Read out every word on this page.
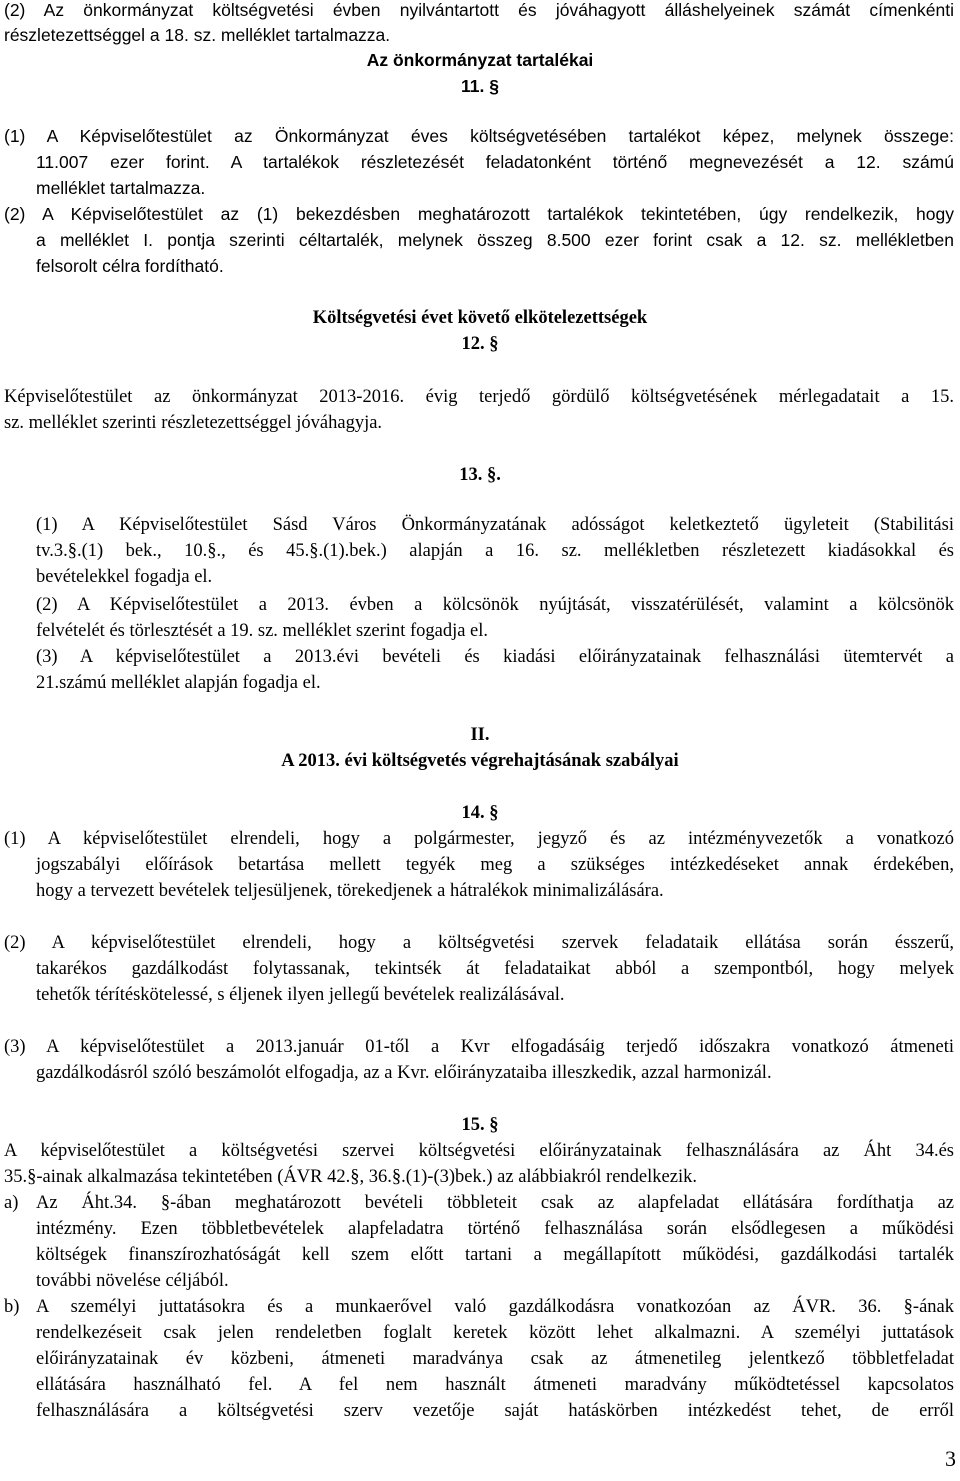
(2) Az önkormányzat költségvetési évben nyilvántartott és jóváhagyott álláshelyeinek számát címenkénti
részletezettséggel a 18. sz. melléklet tartalmazza.
Az önkormányzat tartalékai
11. §
(1) A Képviselőtestület az Önkormányzat éves költségvetésében tartalékot képez, melynek összege:
11.007 ezer forint. A tartalékok részletezését feladatonként történő megnevezését a 12. számú
melléklet tartalmazza.
(2) A Képviselőtestület az (1) bekezdésben meghatározott tartalékok tekintetében, úgy rendelkezik, hogy
a melléklet I. pontja szerinti céltartalék, melynek összeg 8.500 ezer forint csak a 12. sz. mellékletben
felsorolt célra fordítható.
Költségvetési évet követő elkötelezettségek
12. §
Képviselőtestület az önkormányzat 2013-2016. évig terjedő gördülő költségvetésének mérlegadatait a 15.
sz. melléklet szerinti részletezettséggel jóváhagyja.
13. §.
(1) A Képviselőtestület Sásd Város Önkormányzatának adósságot keletkeztető ügyleteit (Stabilitási
tv.3.§.(1) bek., 10.§., és 45.§.(1).bek.) alapján a 16. sz. mellékletben részletezett kiadásokkal és
bevételekkel fogadja el.
(2) A Képviselőtestület a 2013. évben a kölcsönök nyújtását, visszatérülését, valamint a kölcsönök
felvételét és törlesztését a 19. sz. melléklet szerint fogadja el.
(3) A képviselőtestület a 2013.évi bevételi és kiadási előirányzatainak felhasználási ütemtervét a
21.számú melléklet alapján fogadja el.
II.
A 2013. évi költségvetés végrehajtásának szabályai
14. §
(1) A képviselőtestület elrendeli, hogy a polgármester, jegyző és az intézményvezetők a vonatkozó
jogszabályi előírások betartása mellett tegyék meg a szükséges intézkedéseket annak érdekében,
hogy a tervezett bevételek teljesüljenek, törekedjenek a hátralékok minimalizálására.
(2) A képviselőtestület elrendeli, hogy a költségvetési szervek feladataik ellátása során ésszerű,
takarékos gazdálkodást folytassanak, tekintsék át feladataikat abból a szempontból, hogy melyek
tehetők térítésköteles​sé, s éljenek ilyen jellegű bevételek realizálásával.
(3) A képviselőtestület a 2013.január 01-től a Kvr elfogadásáig terjedő időszakra vonatkozó átmeneti
gazdálkodásról szóló beszámolót elfogadja, az a Kvr. előirányzataiba illeszkedik, azzal harmonizál.
15. §
A képviselőtestület a költségvetési szervei költségvetési előirányzatainak felhasználására az Áht 34.és
35.§-ainak alkalmazása tekintetében (ÁVR 42.§, 36.§.(1)-(3)bek.) az alábbiakról rendelkezik.
a) Az Áht.34. §-ában meghatározott bevételi többleteit csak az alapfeladat ellátására fordíthatja az
intézmény. Ezen többletbevételek alapfeladatra történő felhasználása során elsődlegesen a működési
költségek finanszírozhatóságát kell szem előtt tartani a megállapított működési, gazdálkodási tartalék
további növelése céljából.
b) A személyi juttatásokra és a munkaerővel való gazdálkodásra vonatkozóan az ÁVR. 36. §-ának
rendelkezéseit csak jelen rendeletben foglalt keretek között lehet alkalmazni. A személyi juttatások
előirányzatainak év közbeni, átmeneti maradványa csak az átmenetileg jelentkező többletfeladat
ellátására használható fel. A fel nem használt átmeneti maradvány működtetéssel kapcsolatos
felhasználására a költségvetési szerv vezetője saját hatáskörben intézkedést tehet, de erről
3
